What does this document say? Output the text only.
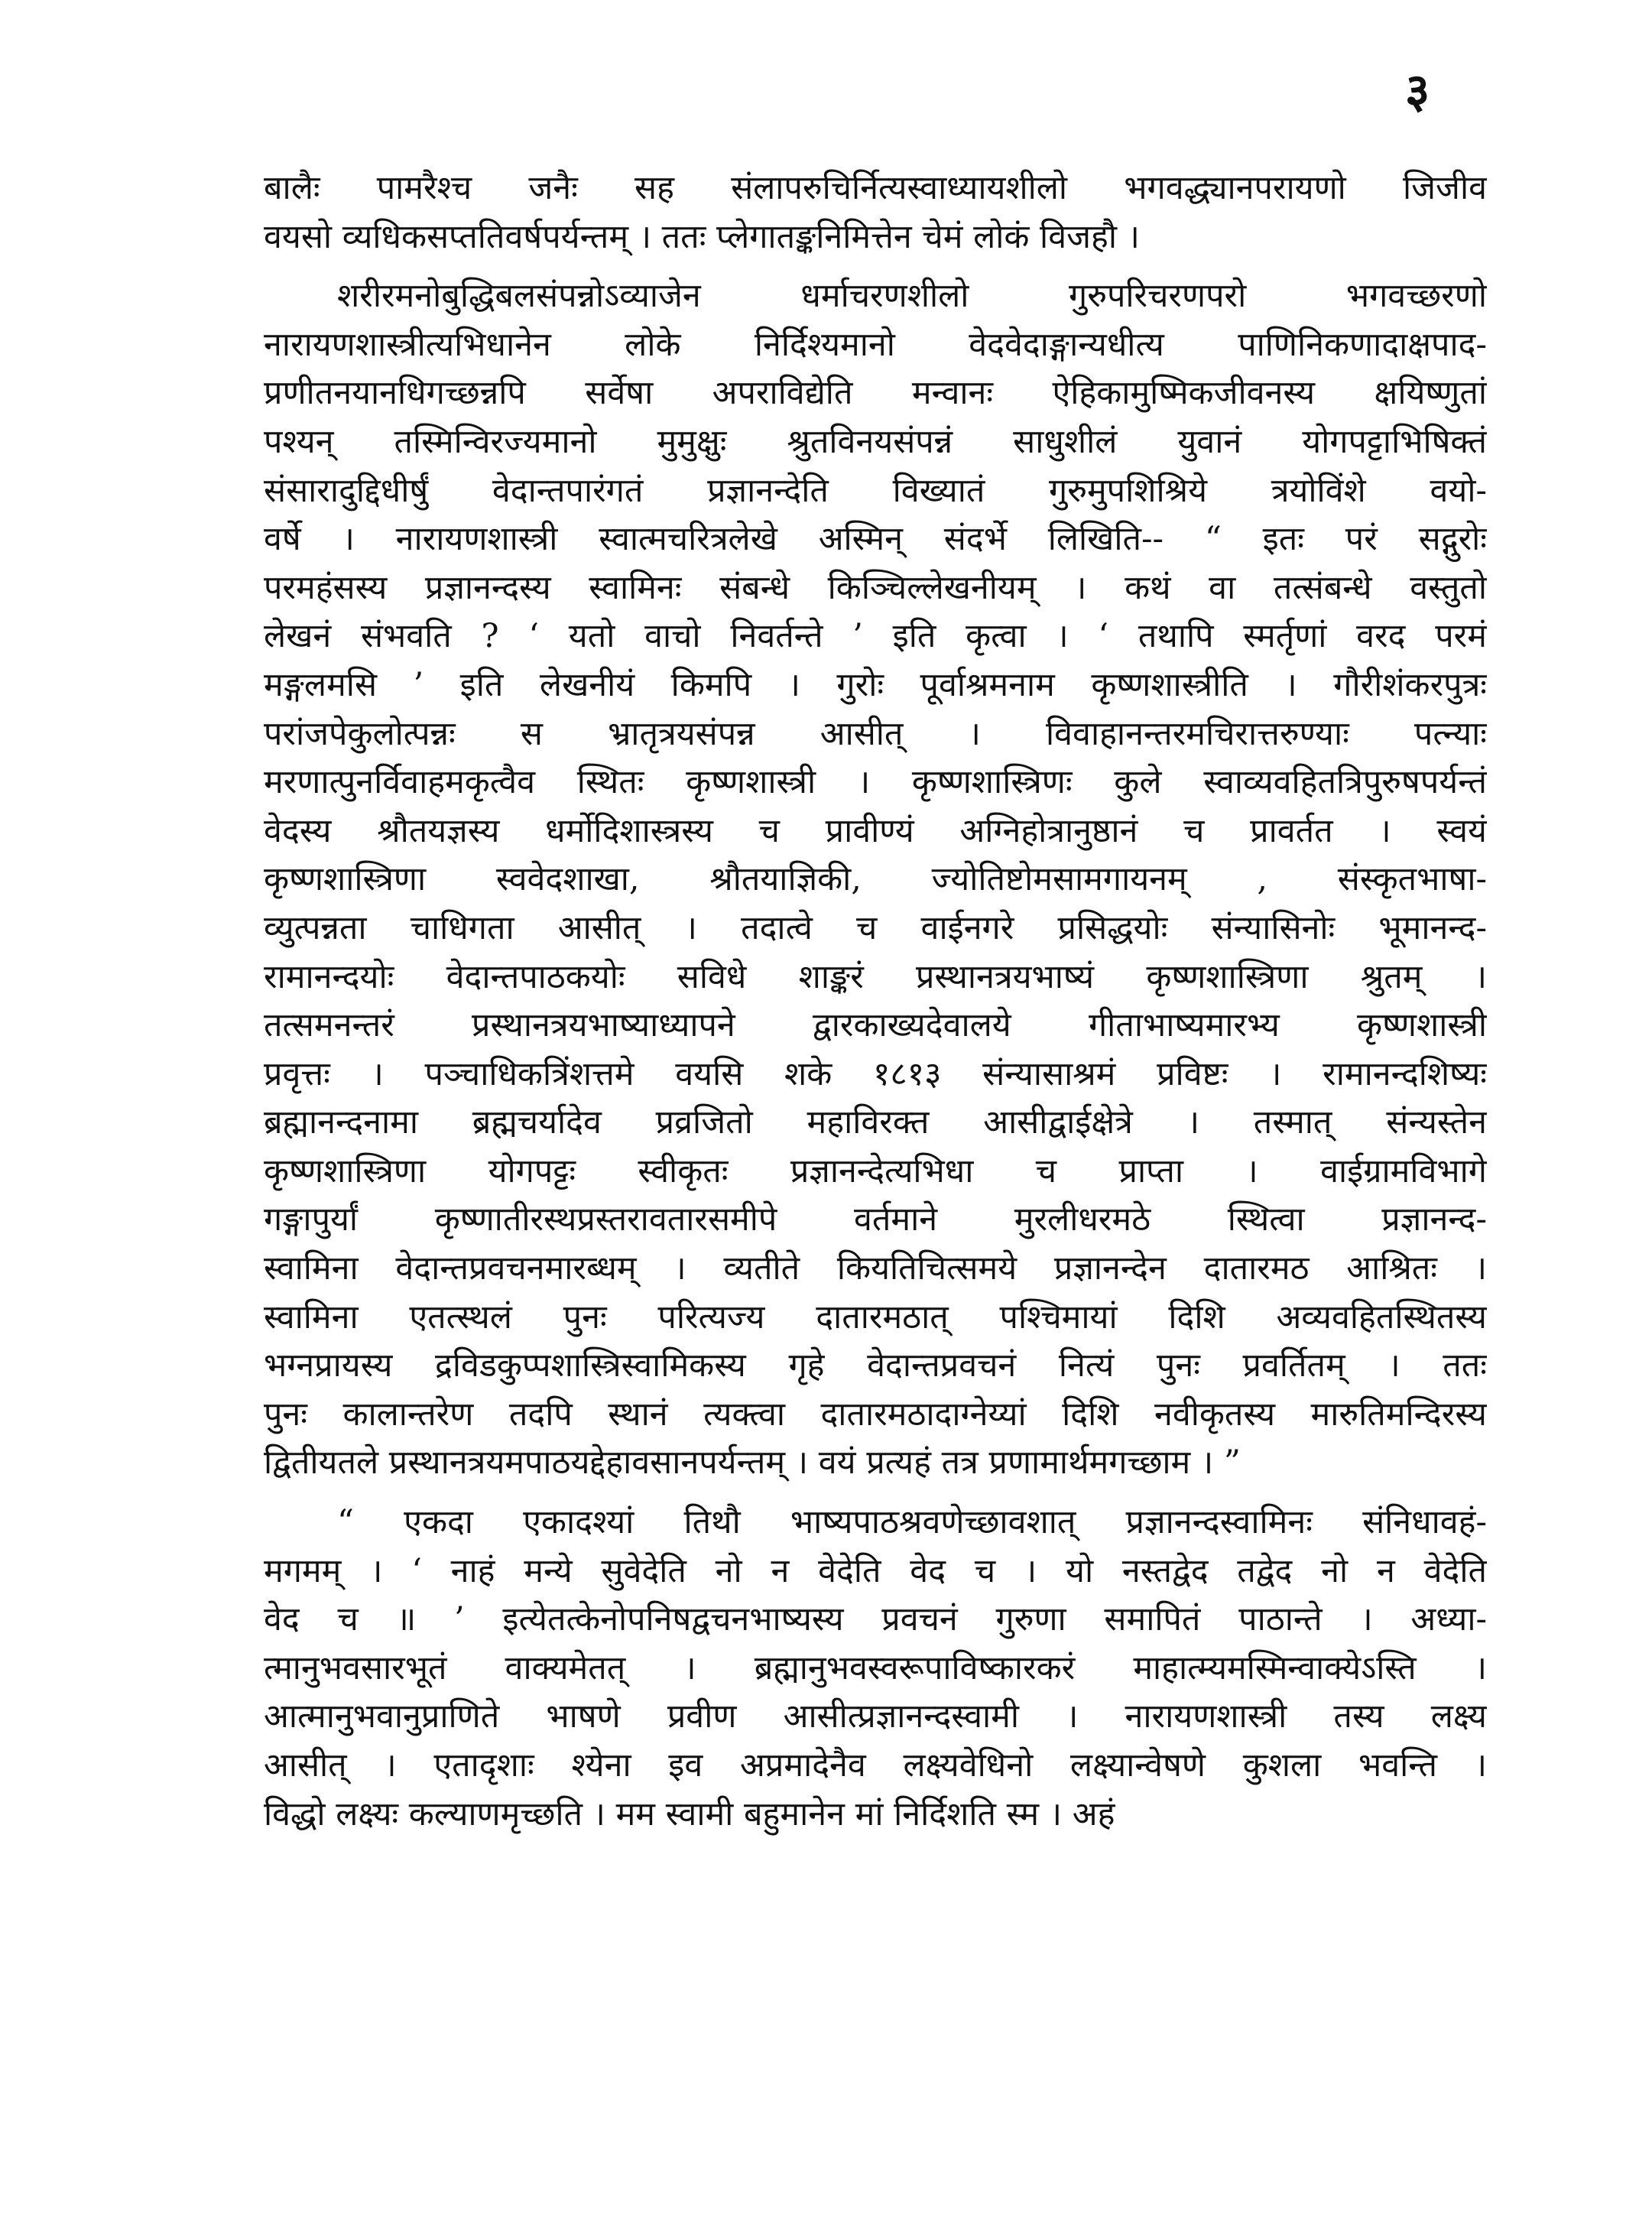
३
बालैः पामरैश्च जनैः सह संलापरुचिर्नित्यस्वाध्यायशीलो भगवद्ध्यानपरायणो जिजीव
वयसो व्यधिकसप्ततिवर्षपर्यन्तम् । ततः प्लेगातङ्कनिमित्तेन चेमं लोकं विजहौ ।
शरीरमनोबुद्धिबलसंपन्नोऽव्याजेन धर्माचरणशीलो गुरुपरिचरणपरो भगवच्छरणो
नारायणशास्त्रीत्यभिधानेन लोके निर्दिश्यमानो वेदवेदाङ्गान्यधीत्य पाणिनिकणादाक्षपाद-
प्रणीतनयानधिगच्छन्नपि सर्वेषा अपराविद्येति मन्वानः ऐहिकामुष्मिकजीवनस्य क्षयिष्णुतां
पश्यन् तस्मिन्विरज्यमानो मुमुक्षुः श्रुतविनयसंपन्नं साधुशीलं युवानं योगपट्टाभिषिक्तं
संसारादुद्दिधीर्षुं वेदान्तपारंगतं प्रज्ञानन्देति विख्यातं गुरुमुपशिश्रिये त्रयोविंशे वयो-
वर्षे । नारायणशास्त्री स्वात्मचरित्रलेखे अस्मिन् संदर्भे लिखिति-- “ इतः परं सद्गुरोः
परमहंसस्य प्रज्ञानन्दस्य स्वामिनः संबन्धे किञ्चिल्लेखनीयम् । कथं वा तत्संबन्धे वस्तुतो
लेखनं संभवति ? ‘ यतो वाचो निवर्तन्ते ’ इति कृत्वा । ‘ तथापि स्मर्तृणां वरद परमं
मङ्गलमसि ’ इति लेखनीयं किमपि । गुरोः पूर्वाश्रमनाम कृष्णशास्त्रीति । गौरीशंकरपुत्रः
परांजपेकुलोत्पन्नः स भ्रातृत्रयसंपन्न आसीत् । विवाहानन्तरमचिरात्तरुण्याः पत्न्याः
मरणात्पुनर्विवाहमकृत्वैव स्थितः कृष्णशास्त्री । कृष्णशास्त्रिणः कुले स्वाव्यवहितत्रिपुरुषपर्यन्तं
वेदस्य श्रौतयज्ञस्य धर्मोदिशास्त्रस्य च प्रावीण्यं अग्निहोत्रानुष्ठानं च प्रावर्तत । स्वयं
कृष्णशास्त्रिणा स्ववेदशाखा, श्रौतयाज्ञिकी, ज्योतिष्टोमसामगायनम् , संस्कृतभाषा-
व्युत्पन्नता चाधिगता आसीत् । तदात्वे च वाईनगरे प्रसिद्धयोः संन्यासिनोः भूमानन्द-
रामानन्दयोः वेदान्तपाठकयोः सविधे शाङ्करं प्रस्थानत्रयभाष्यं कृष्णशास्त्रिणा श्रुतम् ।
तत्समनन्तरं प्रस्थानत्रयभाष्याध्यापने द्वारकाख्यदेवालये गीताभाष्यमारभ्य कृष्णशास्त्री
प्रवृत्तः । पञ्चाधिकत्रिंशत्तमे वयसि शके १८१३ संन्यासाश्रमं प्रविष्टः । रामानन्दशिष्यः
ब्रह्मानन्दनामा ब्रह्मचर्यादेव प्रव्रजितो महाविरक्त आसीद्वाईक्षेत्रे । तस्मात् संन्यस्तेन
कृष्णशास्त्रिणा योगपट्टः स्वीकृतः प्रज्ञानन्देत्यभिधा च प्राप्ता । वाईग्रामविभागे
गङ्गापुर्यां कृष्णातीरस्थप्रस्तरावतारसमीपे वर्तमाने मुरलीधरमठे स्थित्वा प्रज्ञानन्द-
स्वामिना वेदान्तप्रवचनमारब्धम् । व्यतीते कियतिचित्समये प्रज्ञानन्देन दातारमठ आश्रितः ।
स्वामिना एतत्स्थलं पुनः परित्यज्य दातारमठात् पश्चिमायां दिशि अव्यवहितस्थितस्य
भग्नप्रायस्य द्रविडकुप्पशास्त्रिस्वामिकस्य गृहे वेदान्तप्रवचनं नित्यं पुनः प्रवर्तितम् । ततः
पुनः कालान्तरेण तदपि स्थानं त्यक्त्वा दातारमठादाग्नेय्यां दिशि नवीकृतस्य मारुतिमन्दिरस्य
द्वितीयतले प्रस्थानत्रयमपाठयद्देहावसानपर्यन्तम् । वयं प्रत्यहं तत्र प्रणामार्थमगच्छाम । ”
“ एकदा एकादश्यां तिथौ भाष्यपाठश्रवणेच्छावशात् प्रज्ञानन्दस्वामिनः संनिधावहं-
मगमम् । ‘ नाहं मन्ये सुवेदेति नो न वेदेति वेद च । यो नस्तद्वेद तद्वेद नो न वेदेति
वेद च ॥ ’ इत्येतत्केनोपनिषद्वचनभाष्यस्य प्रवचनं गुरुणा समापितं पाठान्ते । अध्या-
त्मानुभवसारभूतं वाक्यमेतत् । ब्रह्मानुभवस्वरूपाविष्कारकरं माहात्म्यमस्मिन्वाक्येऽस्ति ।
आत्मानुभवानुप्राणिते भाषणे प्रवीण आसीत्प्रज्ञानन्दस्वामी । नारायणशास्त्री तस्य लक्ष्य
आसीत् । एतादृशाः श्येना इव अप्रमादेनैव लक्ष्यवेधिनो लक्ष्यान्वेषणे कुशला भवन्ति ।
विद्धो लक्ष्यः कल्याणमृच्छति । मम स्वामी बहुमानेन मां निर्दिशति स्म । अहं
